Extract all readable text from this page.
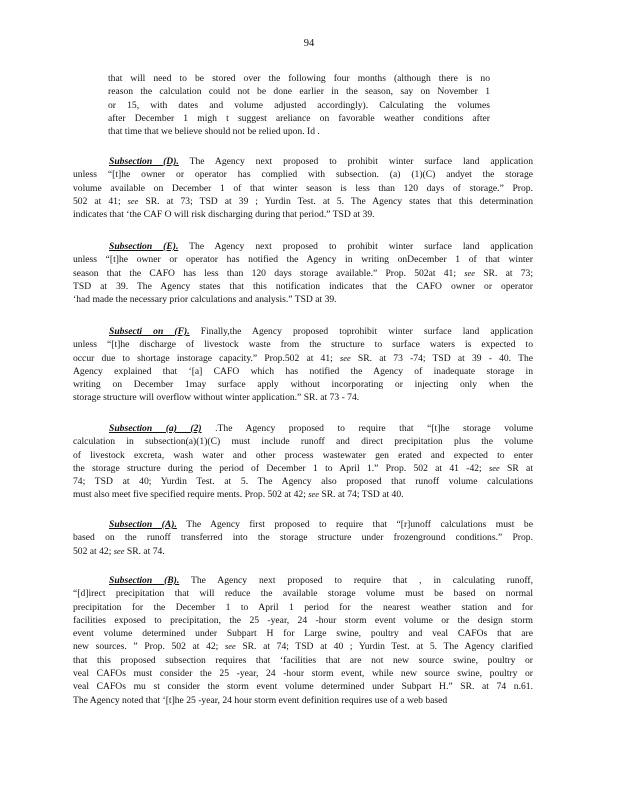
94
that will need to be stored over the following four months (although there is no
reason the calculation could not be done earlier in the season, say on November 1
or 15, with dates and volume adjusted accordingly). Calculating the volumes
after December 1 migh t suggest areliance on favorable weather conditions after
that time that we believe should not be relied upon. Id .
Subsection (D). The Agency next proposed to prohibit winter surface land application
unless “[t]he owner or operator has complied with subsection. (a) (1)(C) andyet the storage
volume available on December 1 of that winter season is less than 120 days of storage.” Prop.
502 at 41; see SR. at 73; TSD at 39 ; Yurdin Test. at 5. The Agency states that this determination
indicates that ‘the CAF O will risk discharging during that period.” TSD at 39.
Subsection (E). The Agency next proposed to prohibit winter surface land application
unless “[t]he owner or operator has notified the Agency in writing onDecember 1 of that winter
season that the CAFO has less than 120 days storage available.” Prop. 502at 41; see SR. at 73;
TSD at 39. The Agency states that this notification indicates that the CAFO owner or operator
‘had made the necessary prior calculations and analysis.” TSD at 39.
Subsecti on (F). Finally,the Agency proposed toprohibit winter surface land application
unless “[t]he discharge of livestock waste from the structure to surface waters is expected to
occur due to shortage instorage capacity.” Prop.502 at 41; see SR. at 73 -74; TSD at 39 - 40. The
Agency explained that ‘[a] CAFO which has notified the Agency of inadequate storage in
writing on December 1may surface apply without incorporating or injecting only when the
storage structure will overflow without winter application.” SR. at 73 - 74.
Subsection (a) (2) .The Agency proposed to require that “[t]he storage volume
calculation in subsection(a)(1)(C) must include runoff and direct precipitation plus the volume
of livestock excreta, wash water and other process wastewater gen erated and expected to enter
the storage structure during the period of December 1 to April 1.” Prop. 502 at 41 -42; see SR at
74; TSD at 40; Yurdin Test. at 5. The Agency also proposed that runoff volume calculations
must also meet five specified require ments. Prop. 502 at 42; see SR. at 74; TSD at 40.
Subsection (A). The Agency first proposed to require that “[r]unoff calculations must be
based on the runoff transferred into the storage structure under frozenground conditions.” Prop.
502 at 42; see SR. at 74.
Subsection (B). The Agency next proposed to require that , in calculating runoff,
“[d]irect precipitation that will reduce the available storage volume must be based on normal
precipitation for the December 1 to April 1 period for the nearest weather station and for
facilities exposed to precipitation, the 25 -year, 24 -hour storm event volume or the design storm
event volume determined under Subpart H for Large swine, poultry and veal CAFOs that are
new sources. ” Prop. 502 at 42; see SR. at 74; TSD at 40 ; Yurdin Test. at 5. The Agency clarified
that this proposed subsection requires that ‘facilities that are not new source swine, poultry or
veal CAFOs must consider the 25 -year, 24 -hour storm event, while new source swine, poultry or
veal CAFOs mu st consider the storm event volume determined under Subpart H.” SR. at 74 n.61.
The Agency noted that ‘[t]he 25 -year, 24 hour storm event definition requires use of a web based
